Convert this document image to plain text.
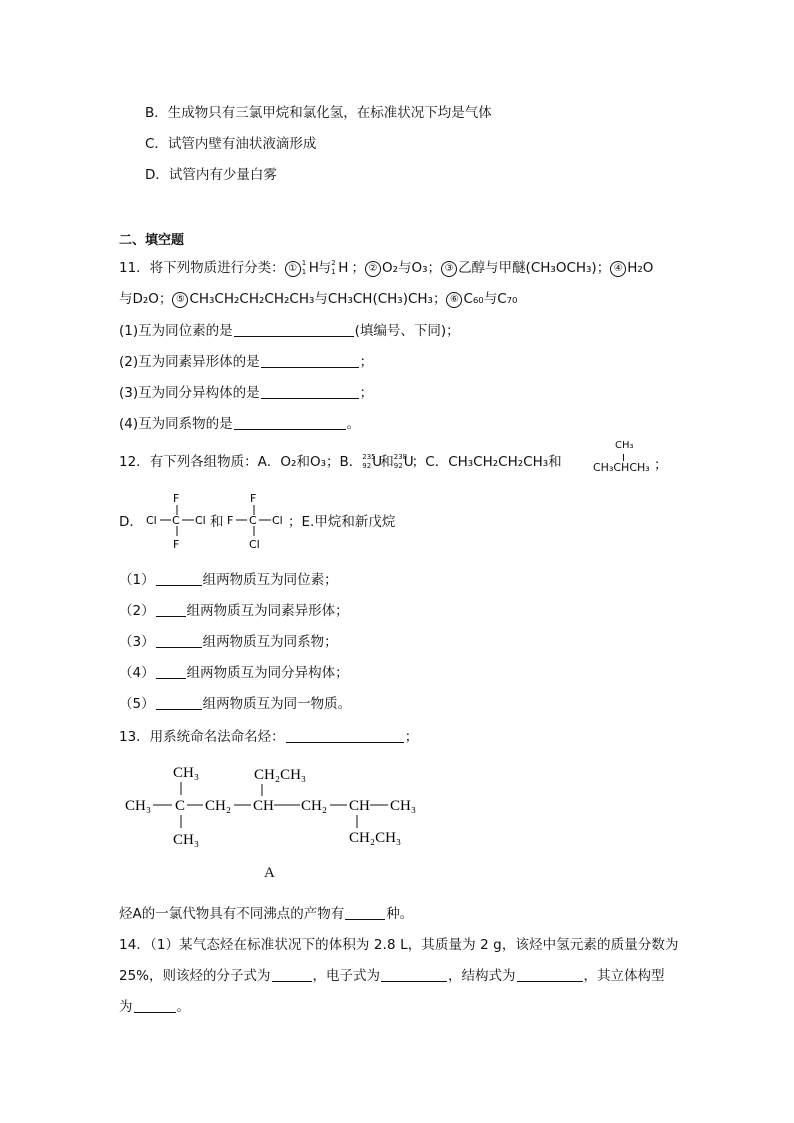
B．生成物只有三氯甲烷和氯化氢，在标准状况下均是气体
C．试管内壁有油状液滴形成
D．试管内有少量白雾
二、填空题
11．将下列物质进行分类： ① 1
1 H
与 2
1 H ； ② O₂与O₃； ③ 乙醇与甲醚(CH₃OCH₃)； ④ H₂O
与D₂O； ⑤ CH₃CH₂CH₂CH₂CH₃与CH₃CH(CH₃)CH₃； ⑥ C₆₀与C₇₀
(1)互为同位素的是	(填编号、下同)；
(2)互为同素异形体的是	；
(3)互为同分异构体的是	；
(4)互为同系物的是	。
12．有下列各组物质：A．O₂和O₃；B． 235
92 U
和 238
92 U
；C．CH₃CH₂CH₂CH₃和
CH₃
CH₃CHCH₃ ；
D．
F
Cl C Cl
F
和
F
F C Cl
Cl
；E.甲烷和新戊烷
（1）	组两物质互为同位素；
（2） 组两物质互为同素异形体；
（3）	组两物质互为同系物；
（4） 组两物质互为同分异构体；
（5）	组两物质互为同一物质。
13．用系统命名法命名烃：	；
CH₃	CH₂CH₃
CH₃ C CH₂ CH CH₂ CH CH₃
CH₃	CH₂CH₃
A
烃A的一氯代物具有不同沸点的产物有	种。
14．（1）某气态烃在标准状况下的体积为 2.8 L，其质量为 2 g，该烃中氢元素的质量分数为
25%，则该烃的分子式为	，电子式为	，结构式为	，其立体构型
为	。
